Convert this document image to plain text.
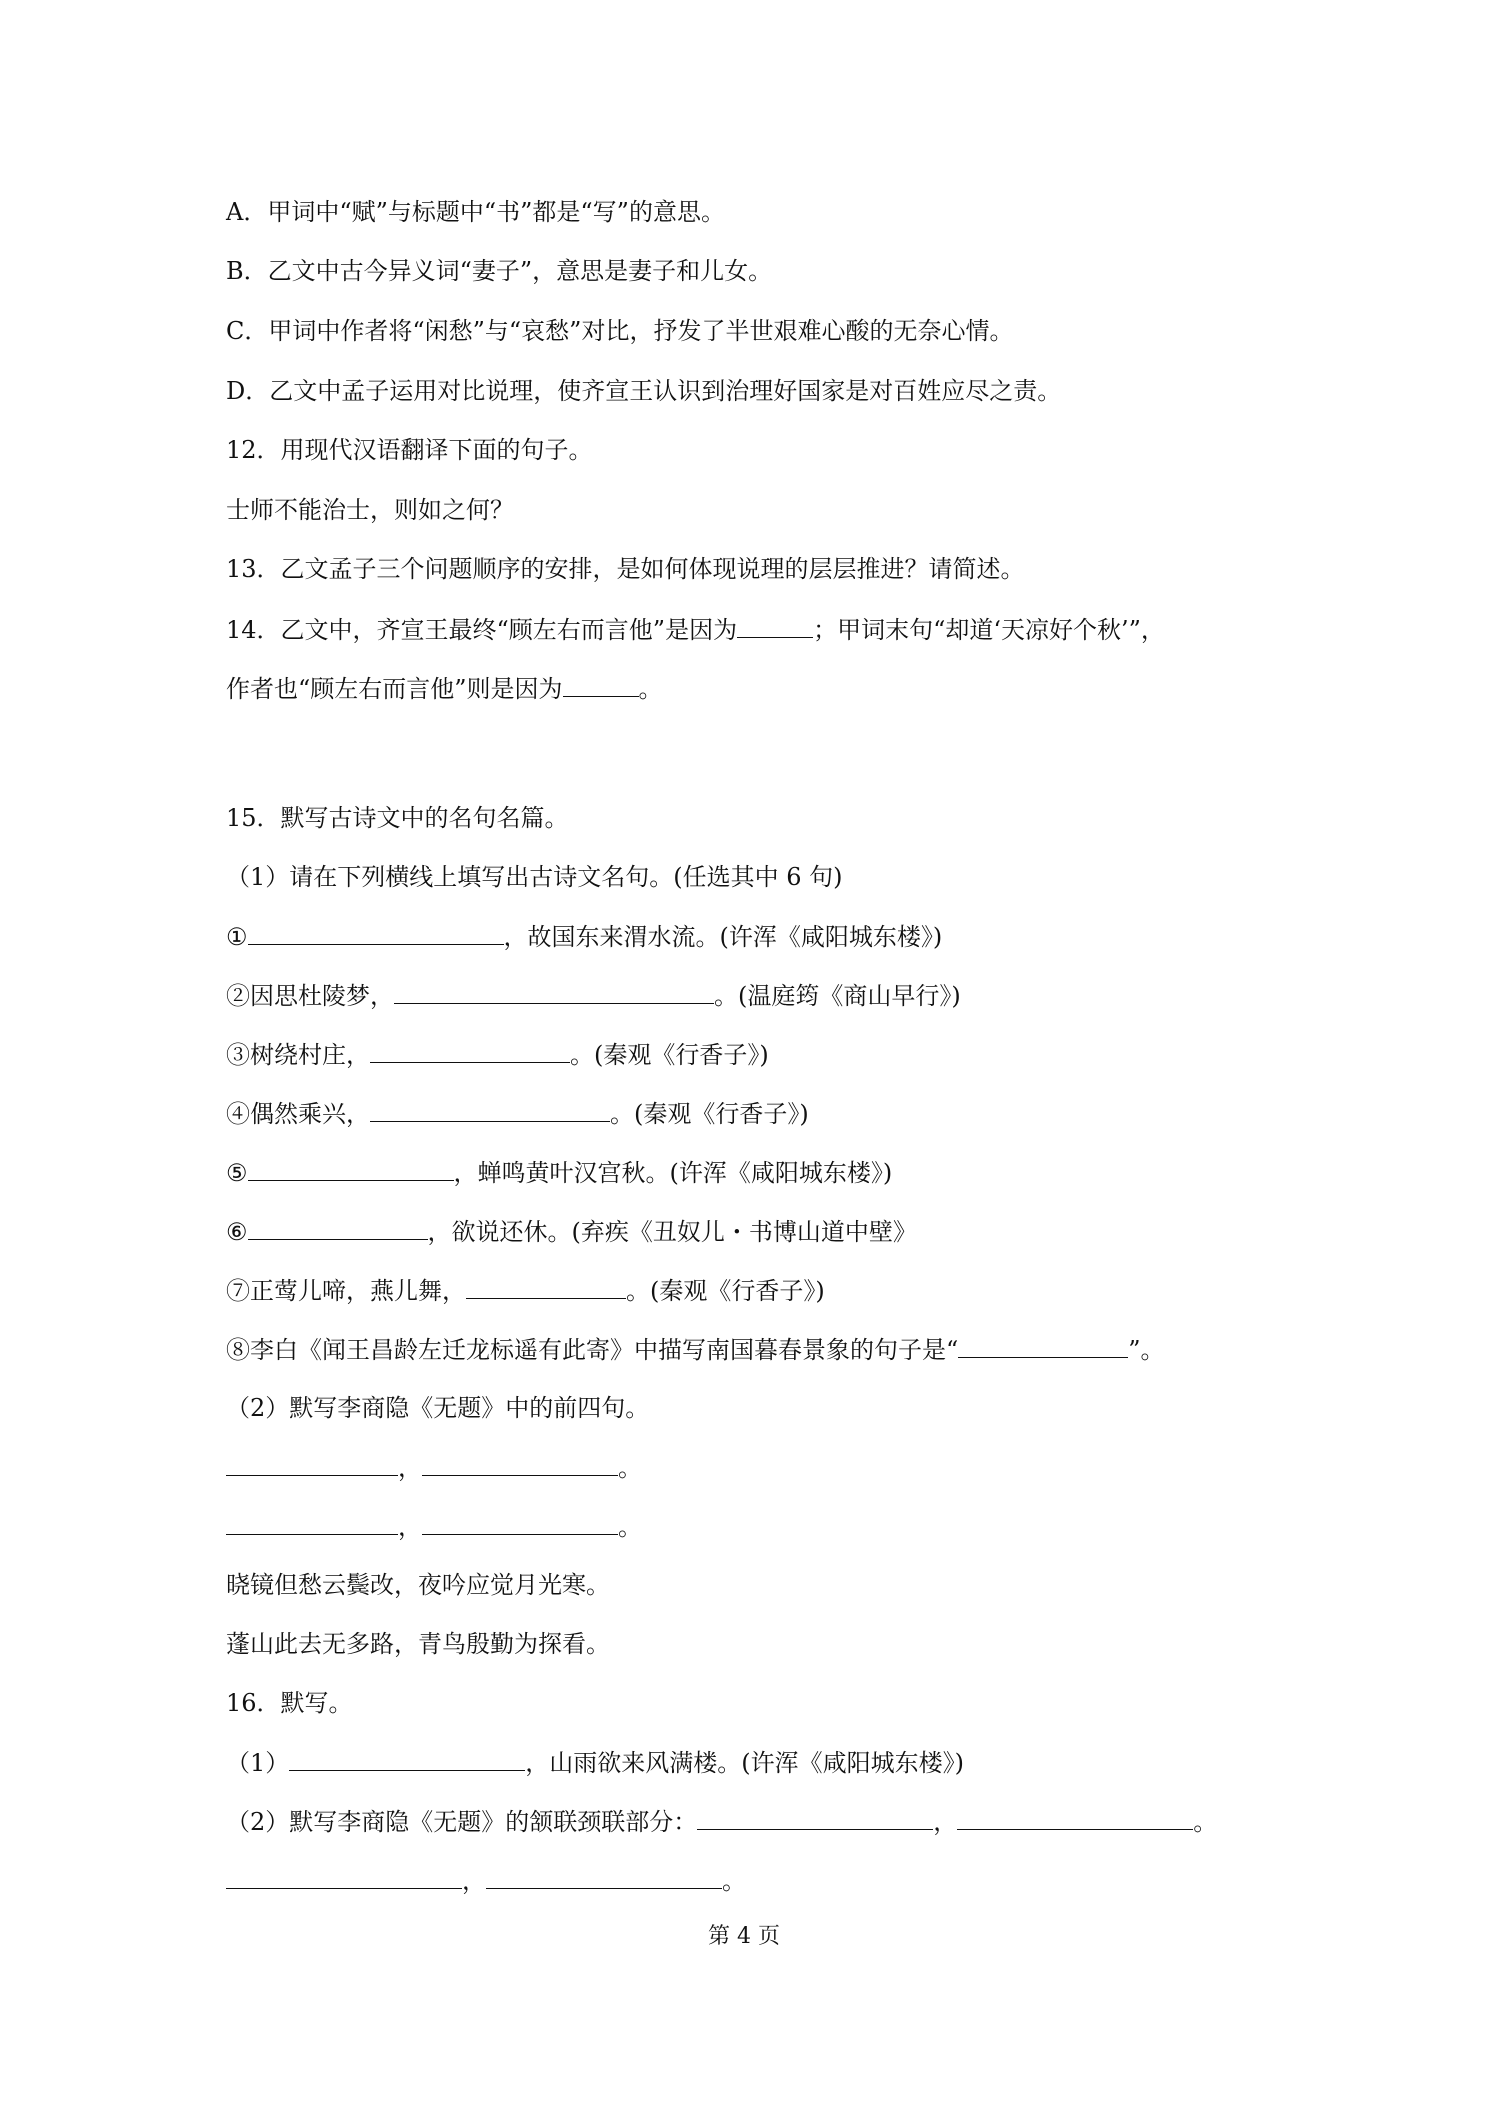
A．甲词中“赋”与标题中“书”都是“写”的意思。
B．乙文中古今异义词“妻子”，意思是妻子和儿女。
C．甲词中作者将“闲愁”与“哀愁”对比，抒发了半世艰难心酸的无奈心情。
D．乙文中孟子运用对比说理，使齐宣王认识到治理好国家是对百姓应尽之责。
12．用现代汉语翻译下面的句子。
士师不能治士，则如之何？
13．乙文孟子三个问题顺序的安排，是如何体现说理的层层推进？请简述。
14．乙文中，齐宣王最终“顾左右而言他”是因为	；甲词末句“却道‘天凉好个秋’”，
作者也“顾左右而言他”则是因为	。
15．默写古诗文中的名句名篇。
（1）请在下列横线上填写出古诗文名句。(任选其中 6 句)
①	，故国东来渭水流。(许浑《咸阳城东楼》)
②因思杜陵梦，	。(温庭筠《商山早行》)
③树绕村庄，	。(秦观《行香子》)
④偶然乘兴，	。(秦观《行香子》)
⑤	，蝉鸣黄叶汉宫秋。(许浑《咸阳城东楼》)
⑥	，欲说还休。(弃疾《丑奴儿・书博山道中壁》
⑦正莺儿啼，燕儿舞，	。(秦观《行香子》)
⑧李白《闻王昌龄左迁龙标遥有此寄》中描写南国暮春景象的句子是“	”。
（2）默写李商隐《无题》中的前四句。
，	。
，	。
晓镜但愁云鬓改，夜吟应觉月光寒。
蓬山此去无多路，青鸟殷勤为探看。
16．默写。
（1）	，山雨欲来风满楼。(许浑《咸阳城东楼》)
（2）默写李商隐《无题》的颔联颈联部分：	，	。
，	。
第 4 页
